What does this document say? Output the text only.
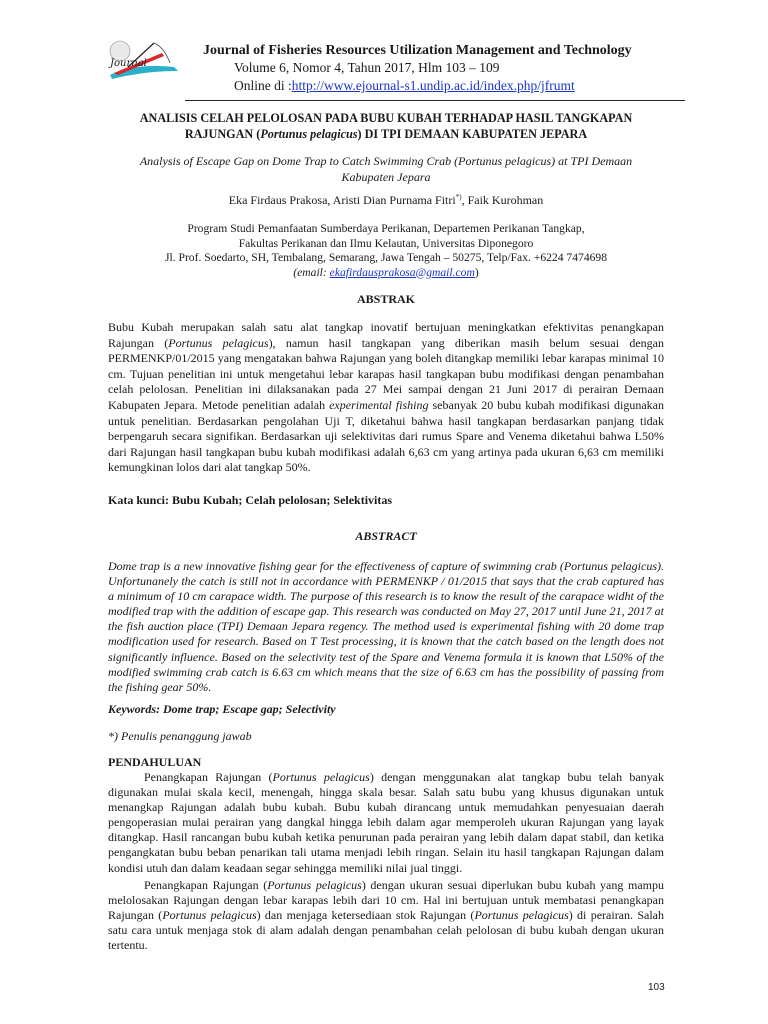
Journal
Journal of Fisheries Resources Utilization Management and Technology
Volume 6, Nomor 4, Tahun 2017, Hlm 103 – 109
Online di :http://www.ejournal-s1.undip.ac.id/index.php/jfrumt
ANALISIS CELAH PELOLOSAN PADA BUBU KUBAH TERHADAP HASIL TANGKAPAN
RAJUNGAN (Portunus pelagicus) DI TPI DEMAAN KABUPATEN JEPARA
Analysis of Escape Gap on Dome Trap to Catch Swimming Crab (Portunus pelagicus) at TPI Demaan
Kabupaten Jepara
Eka Firdaus Prakosa, Aristi Dian Purnama Fitri*), Faik Kurohman
Program Studi Pemanfaatan Sumberdaya Perikanan, Departemen Perikanan Tangkap,
Fakultas Perikanan dan Ilmu Kelautan, Universitas Diponegoro
Jl. Prof. Soedarto, SH, Tembalang, Semarang, Jawa Tengah – 50275, Telp/Fax. +6224 7474698
(email: ekafirdausprakosa@gmail.com)
ABSTRAK

Bubu Kubah merupakan salah satu alat tangkap inovatif bertujuan meningkatkan efektivitas penangkapan Rajungan (Portunus pelagicus), namun hasil tangkapan yang diberikan masih belum sesuai dengan PERMENKP/01/2015 yang mengatakan bahwa Rajungan yang boleh ditangkap memiliki lebar karapas minimal 10 cm. Tujuan penelitian ini untuk mengetahui lebar karapas hasil tangkapan bubu modifikasi dengan penambahan celah pelolosan. Penelitian ini dilaksanakan pada 27 Mei sampai dengan 21 Juni 2017 di perairan Demaan Kabupaten Jepara. Metode penelitian adalah experimental fishing sebanyak 20 bubu kubah modifikasi digunakan untuk penelitian. Berdasarkan pengolahan Uji T, diketahui bahwa hasil tangkapan berdasarkan panjang tidak berpengaruh secara signifikan. Berdasarkan uji selektivitas dari rumus Spare and Venema diketahui bahwa L50% dari Rajungan hasil tangkapan bubu kubah modifikasi adalah 6,63 cm yang artinya pada ukuran 6,63 cm memiliki kemungkinan lolos dari alat tangkap 50%.

Kata kunci: Bubu Kubah; Celah pelolosan; Selektivitas
ABSTRACT
Dome trap is a new innovative fishing gear for the effectiveness of capture of swimming crab (Portunus pelagicus). Unfortunanely the catch is still not in accordance with PERMENKP / 01/2015 that says that the crab captured has a minimum of 10 cm carapace width. The purpose of this research is to know the result of the carapace widht of the modified trap with the addition of escape gap. This research was conducted on May 27, 2017 until June 21, 2017 at the fish auction place (TPI) Demaan Jepara regency. The method used is experimental fishing with 20 dome trap modification used for research. Based on T Test processing, it is known that the catch based on the length does not significantly influence. Based on the selectivity test of the Spare and Venema formula it is known that L50% of the modified swimming crab catch is 6.63 cm which means that the size of 6.63 cm has the possibility of passing from the fishing gear 50%.
Keywords: Dome trap; Escape gap; Selectivity
*) Penulis penanggung jawab
PENDAHULUAN

Penangkapan Rajungan (Portunus pelagicus) dengan menggunakan alat tangkap bubu telah banyak digunakan mulai skala kecil, menengah, hingga skala besar. Salah satu bubu yang khusus digunakan untuk menangkap Rajungan adalah bubu kubah. Bubu kubah dirancang untuk memudahkan penyesuaian daerah pengoperasian mulai perairan yang dangkal hingga lebih dalam agar memperoleh ukuran Rajungan yang layak ditangkap. Hasil rancangan bubu kubah ketika penurunan pada perairan yang lebih dalam dapat stabil, dan ketika pengangkatan bubu beban penarikan tali utama menjadi lebih ringan. Selain itu hasil tangkapan Rajungan dalam kondisi utuh dan dalam keadaan segar sehingga memiliki nilai jual tinggi.

Penangkapan Rajungan (Portunus pelagicus) dengan ukuran sesuai diperlukan bubu kubah yang mampu melolosakan Rajungan dengan lebar karapas lebih dari 10 cm. Hal ini bertujuan untuk membatasi penangkapan Rajungan (Portunus pelagicus) dan menjaga ketersediaan stok Rajungan (Portunus pelagicus) di perairan. Salah satu cara untuk menjaga stok di alam adalah dengan penambahan celah pelolosan di bubu kubah dengan ukuran tertentu.

103
